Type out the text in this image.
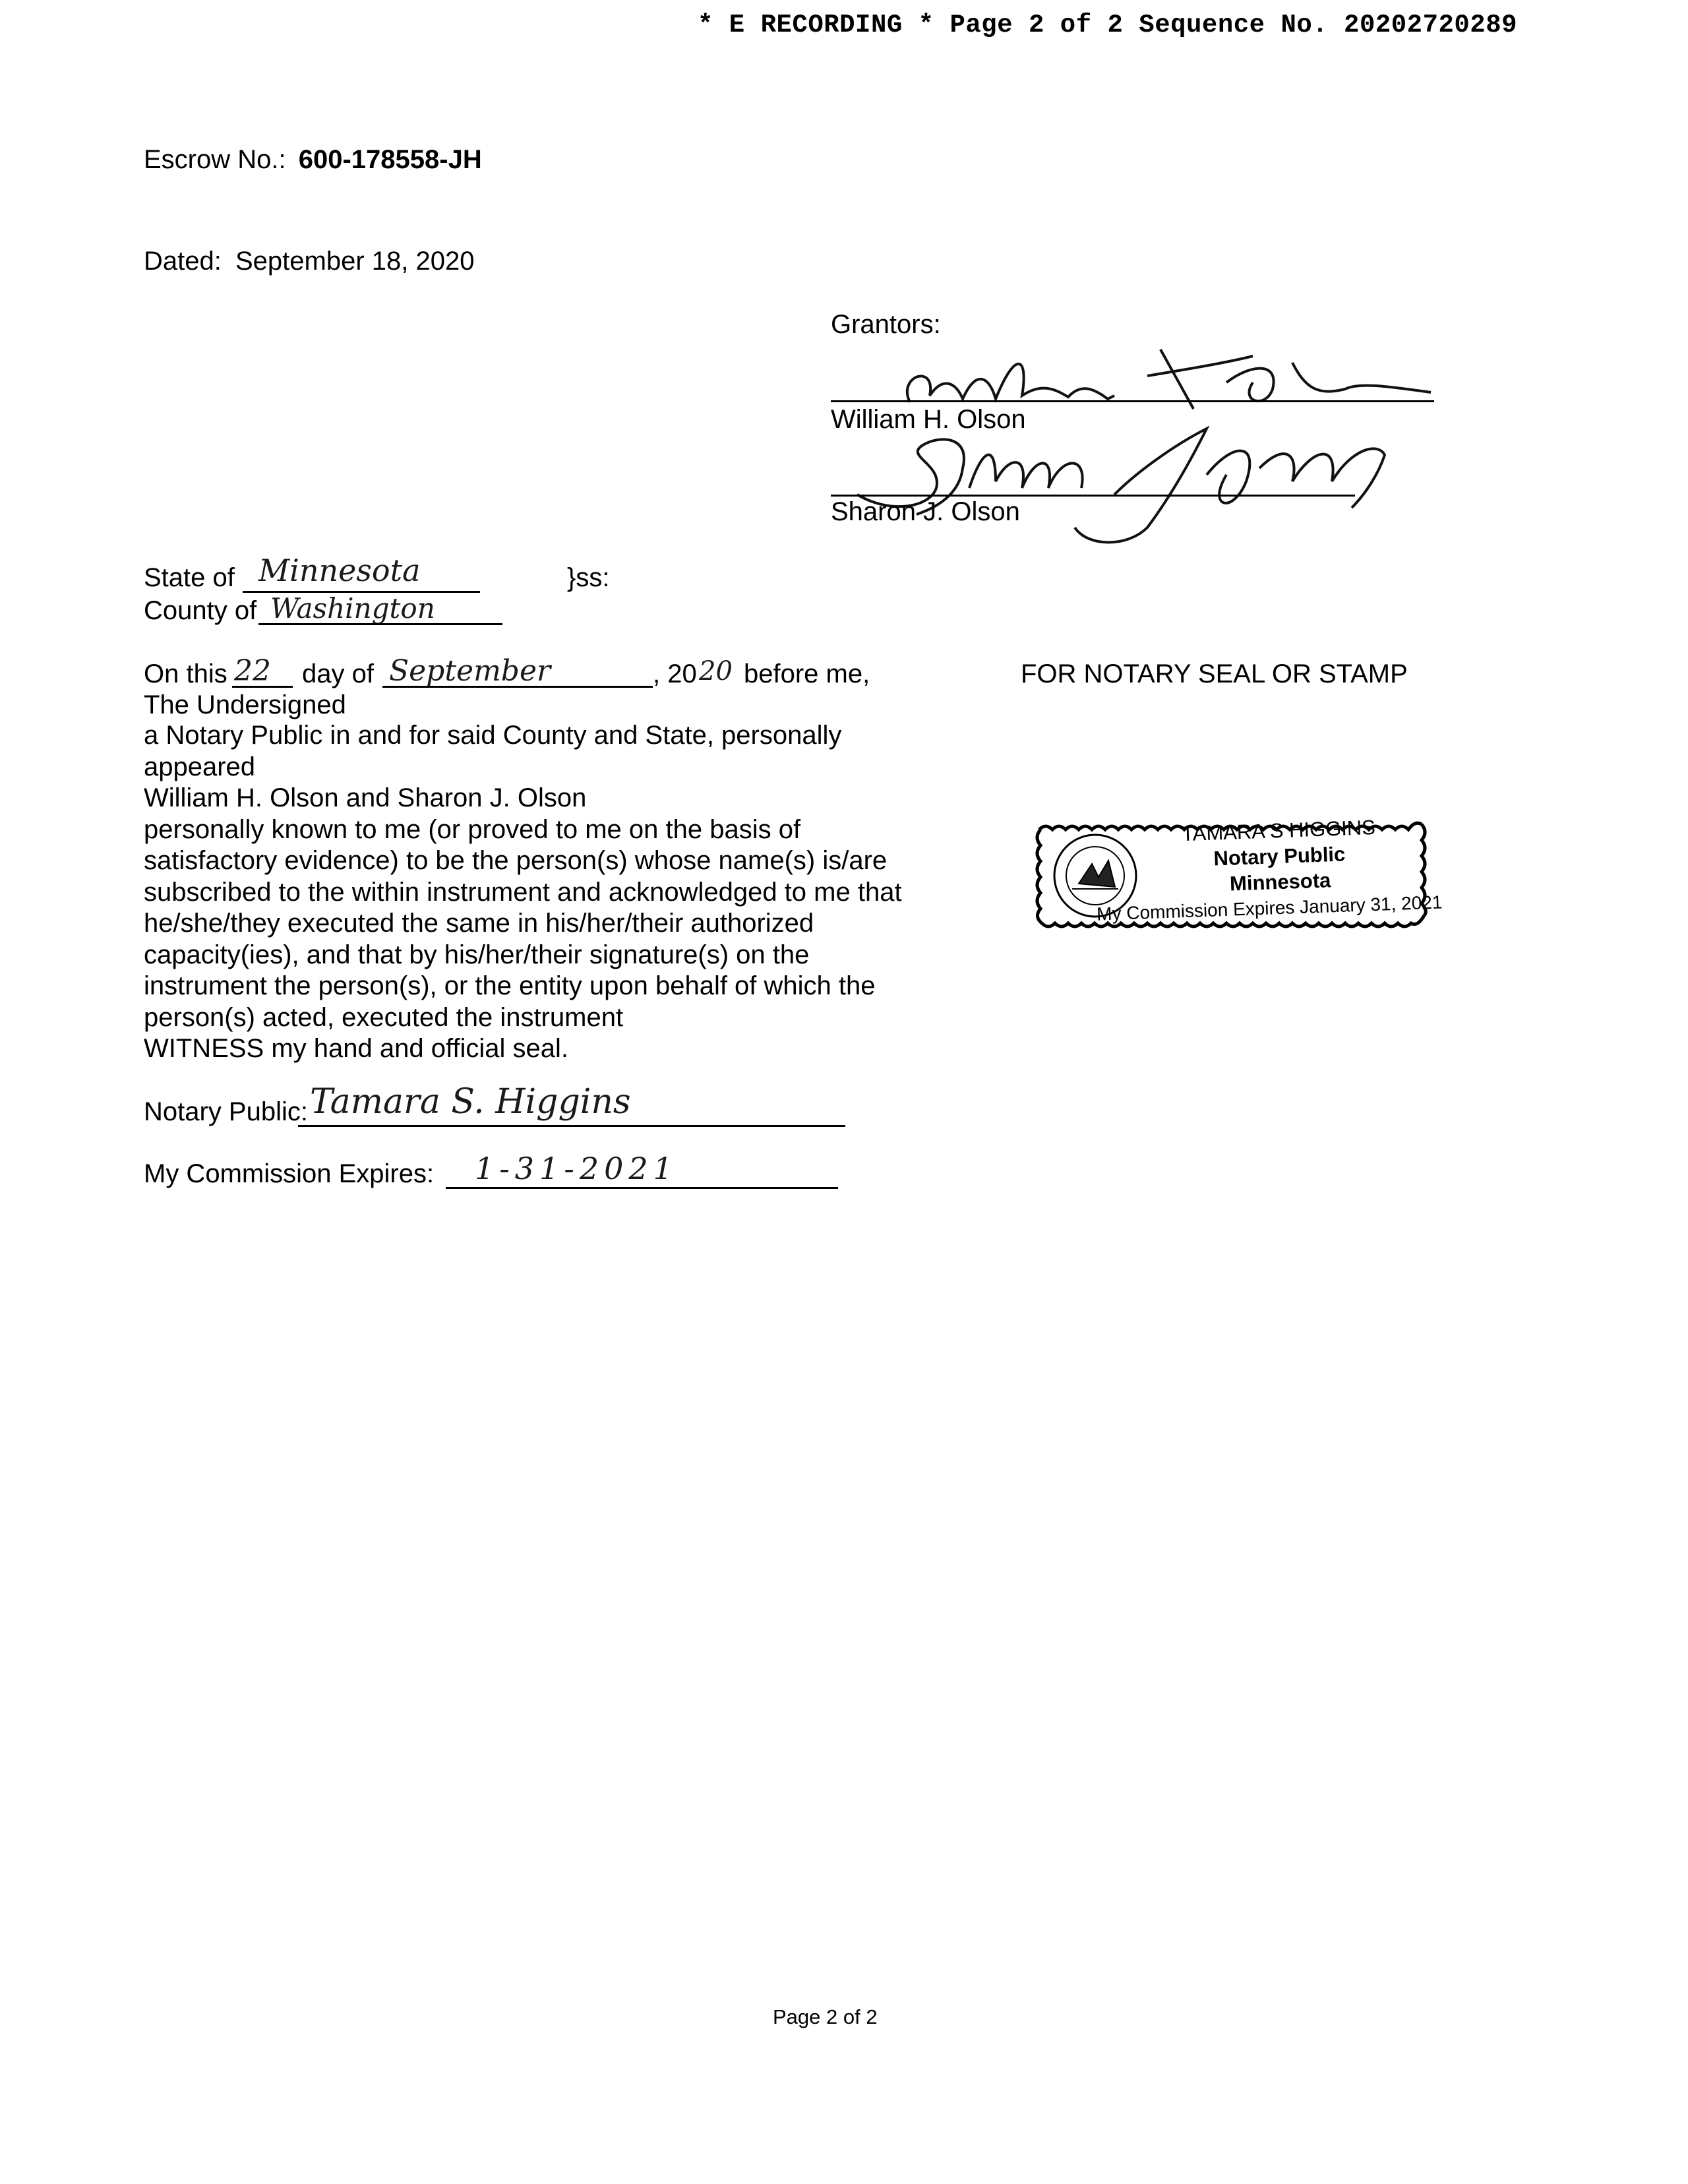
* E RECORDING * Page 2 of 2 Sequence No. 20202720289
Escrow No.: 600-178558-JH
Dated: September 18, 2020
Grantors:
William H. Olson
Sharon J. Olson
State of Minnesota	}ss:
County of Washington
On this 22 day of September	, 20 20 before me,
The Undersigned
a Notary Public in and for said County and State, personally
appeared
William H. Olson and Sharon J. Olson
personally known to me (or proved to me on the basis of
satisfactory evidence) to be the person(s) whose name(s) is/are
subscribed to the within instrument and acknowledged to me that
he/she/they executed the same in his/her/their authorized
capacity(ies), and that by his/her/their signature(s) on the
instrument the person(s), or the entity upon behalf of which the
person(s) acted, executed the instrument
WITNESS my hand and official seal.
Notary Public: Tamara S. Higgins
My Commission Expires: 1-31-2021
FOR NOTARY SEAL OR STAMP
TAMARA S HIGGINS
Notary Public
Minnesota
My Commission Expires January 31, 2021
Page 2 of 2
